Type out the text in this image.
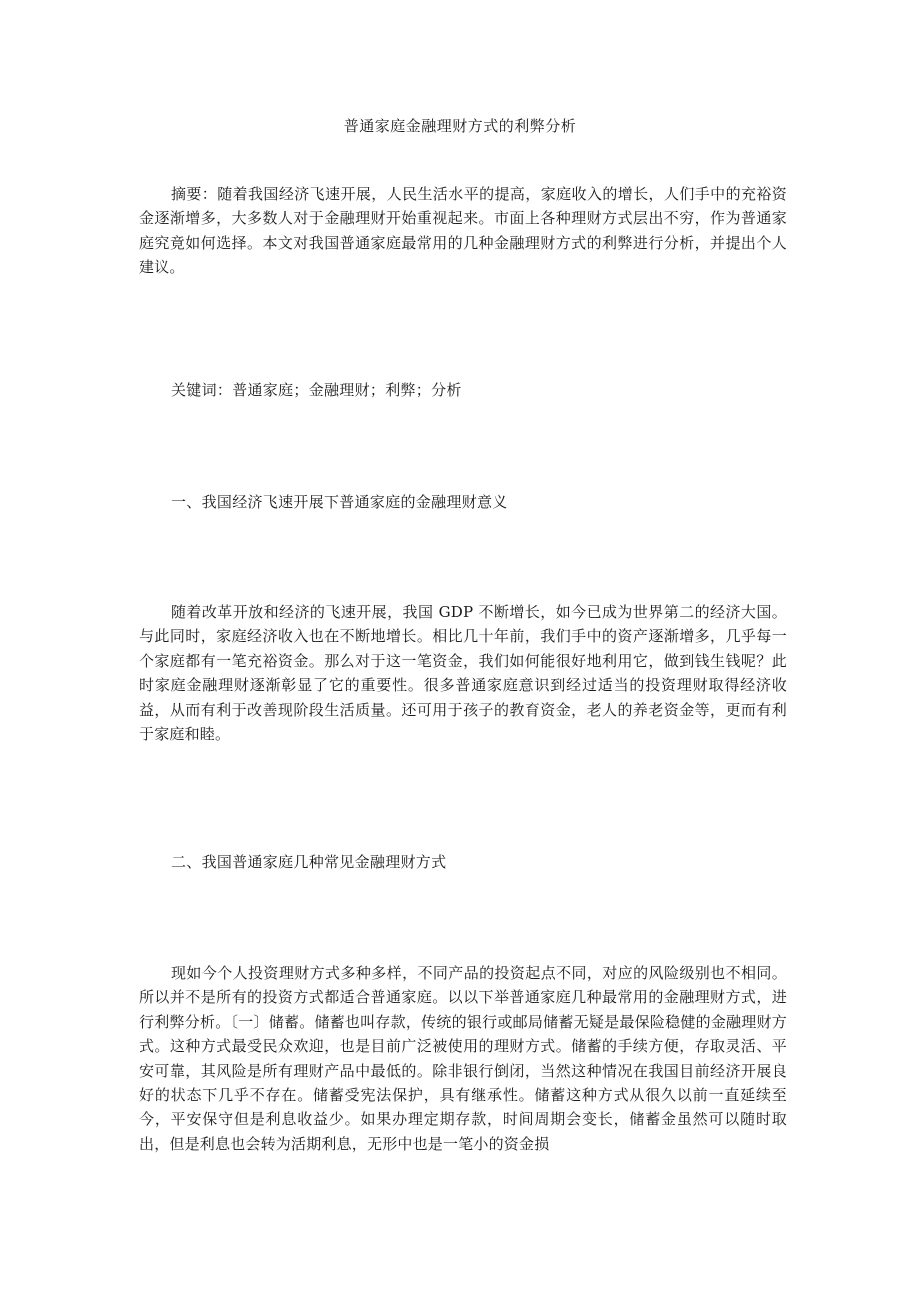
普通家庭金融理财方式的利弊分析

摘要：随着我国经济飞速开展，人民生活水平的提高，家庭收入的增长，人们手中的充裕资金逐渐增多，大多数人对于金融理财开始重视起来。市面上各种理财方式层出不穷，作为普通家庭究竟如何选择。本文对我国普通家庭最常用的几种金融理财方式的利弊进行分析，并提出个人建议。

关键词：普通家庭；金融理财；利弊；分析

一、我国经济飞速开展下普通家庭的金融理财意义

随着改革开放和经济的飞速开展，我国 GDP 不断增长，如今已成为世界第二的经济大国。与此同时，家庭经济收入也在不断地增长。相比几十年前，我们手中的资产逐渐增多，几乎每一个家庭都有一笔充裕资金。那么对于这一笔资金，我们如何能很好地利用它，做到钱生钱呢？此时家庭金融理财逐渐彰显了它的重要性。很多普通家庭意识到经过适当的投资理财取得经济收益，从而有利于改善现阶段生活质量。还可用于孩子的教育资金，老人的养老资金等，更而有利于家庭和睦。

二、我国普通家庭几种常见金融理财方式

现如今个人投资理财方式多种多样，不同产品的投资起点不同，对应的风险级别也不相同。所以并不是所有的投资方式都适合普通家庭。以以下举普通家庭几种最常用的金融理财方式，进行利弊分析。〔一〕储蓄。储蓄也叫存款，传统的银行或邮局储蓄无疑是最保险稳健的金融理财方式。这种方式最受民众欢迎，也是目前广泛被使用的理财方式。储蓄的手续方便，存取灵活、平安可靠，其风险是所有理财产品中最低的。除非银行倒闭，当然这种情况在我国目前经济开展良好的状态下几乎不存在。储蓄受宪法保护，具有继承性。储蓄这种方式从很久以前一直延续至今，平安保守但是利息收益少。如果办理定期存款，时间周期会变长，储蓄金虽然可以随时取出，但是利息也会转为活期利息，无形中也是一笔小的资金损
